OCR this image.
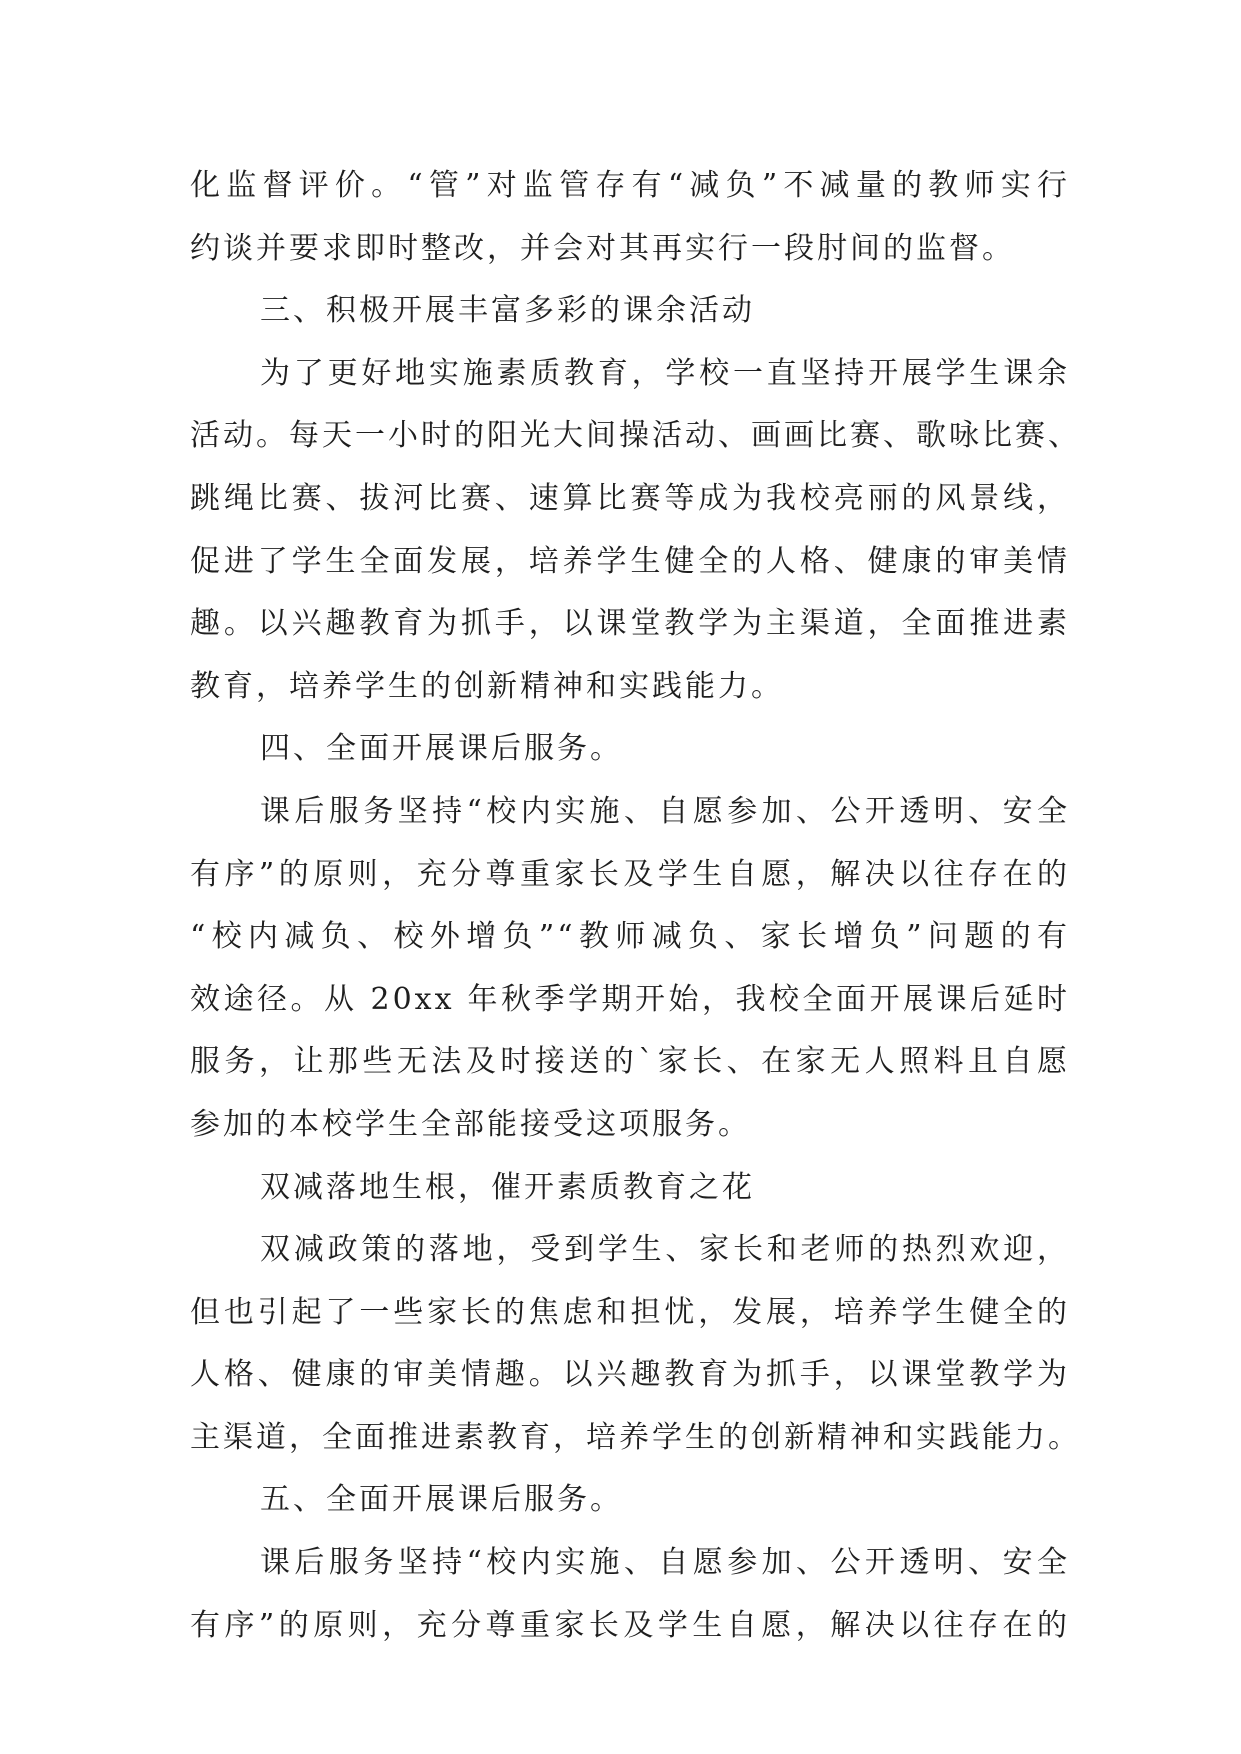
化监督评价。“管”对监管存有“减负”不减量的教师实行
约谈并要求即时整改，并会对其再实行一段肘间的监督。
三、积极开展丰富多彩的课余活动
为了更好地实施素质教育，学校一直坚持开展学生课余
活动。每天一小时的阳光大间操活动、画画比赛、歌咏比赛、
跳绳比赛、拔河比赛、速算比赛等成为我校亮丽的风景线，
促进了学生全面发展，培养学生健全的人格、健康的审美情
趣。以兴趣教育为抓手，以课堂教学为主渠道，全面推进素
教育，培养学生的创新精神和实践能力。
四、全面开展课后服务。
课后服务坚持“校内实施、自愿参加、公开透明、安全
有序”的原则，充分尊重家长及学生自愿，解决以往存在的
“校内减负、校外增负”“教师减负、家长增负”问题的有
效途径。从 20xx 年秋季学期开始，我校全面开展课后延时
服务，让那些无法及时接送的`家长、在家无人照料且自愿
参加的本校学生全部能接受这项服务。
双减落地生根，催开素质教育之花
双减政策的落地，受到学生、家长和老师的热烈欢迎，
但也引起了一些家长的焦虑和担忧，发展，培养学生健全的
人格、健康的审美情趣。以兴趣教育为抓手，以课堂教学为
主渠道，全面推进素教育，培养学生的创新精神和实践能力。
五、全面开展课后服务。
课后服务坚持“校内实施、自愿参加、公开透明、安全
有序”的原则，充分尊重家长及学生自愿，解决以往存在的
